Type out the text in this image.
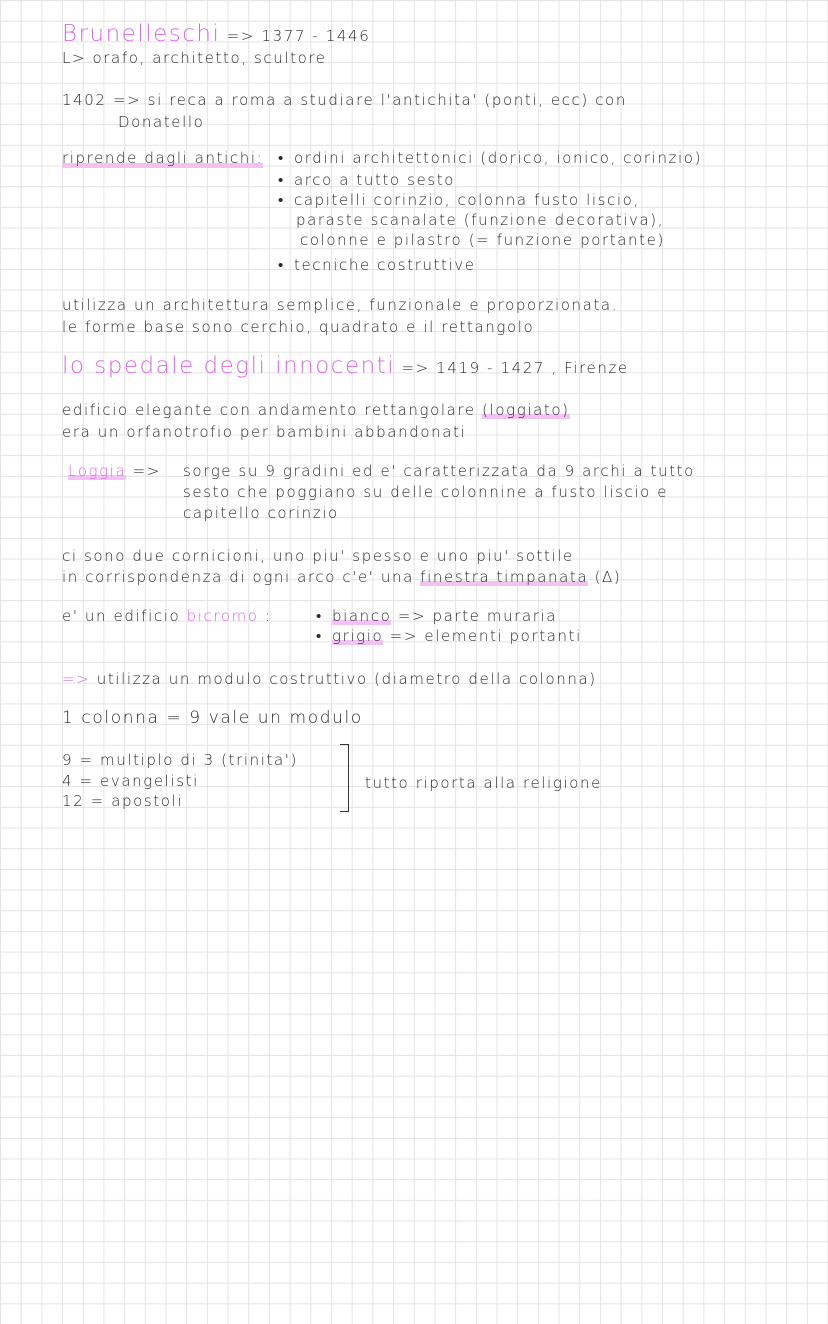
Brunelleschi => 1377 - 1446
L> orafo, architetto, scultore
1402 => si reca a roma a studiare l'antichita' (ponti, ecc) con
Donatello
riprende dagli antichi: • ordini architettonici (dorico, ionico, corinzio)
• arco a tutto sesto
• capitelli corinzio, colonna fusto liscio,
paraste scanalate (funzione decorativa),
colonne e pilastro (= funzione portante)
• tecniche costruttive
utilizza un architettura semplice, funzionale e proporzionata.
le forme base sono cerchio, quadrato e il rettangolo
lo spedale degli innocenti => 1419 - 1427 , Firenze
edificio elegante con andamento rettangolare (loggiato)
era un orfanotrofio per bambini abbandonati
Loggia => sorge su 9 gradini ed e' caratterizzata da 9 archi a tutto
sesto che poggiano su delle colonnine a fusto liscio e
capitello corinzio
ci sono due cornicioni, uno piu' spesso e uno piu' sottile
in corrispondenza di ogni arco c'e' una finestra timpanata (Δ)
e' un edificio bicromo :	• bianco => parte muraria
• grigio => elementi portanti
=> utilizza un modulo costruttivo (diametro della colonna)
1 colonna = 9 vale un modulo
9 = multiplo di 3 (trinita')
4 = evangelisti
12 = apostoli
tutto riporta alla religione
